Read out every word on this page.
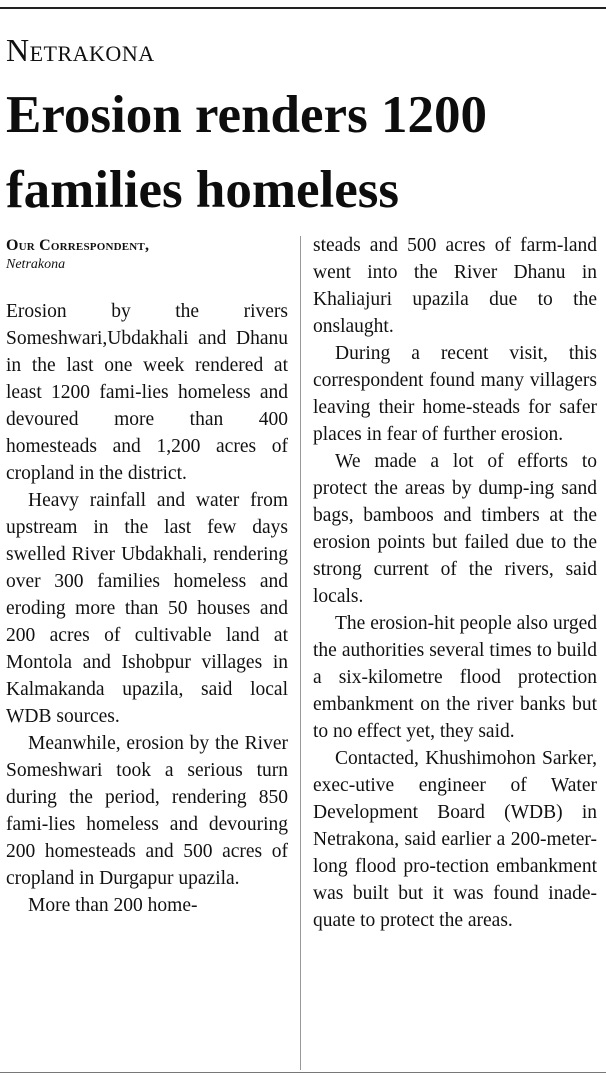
Netrakona
Erosion renders 1200 families homeless
Our Correspondent,
Netrakona

Erosion by the rivers Someshwari,Ubdakhali and Dhanu in the last one week rendered at least 1200 fami-lies homeless and devoured more than 400 homesteads and 1,200 acres of cropland in the district.

Heavy rainfall and water from upstream in the last few days swelled River Ubdakhali, rendering over 300 families homeless and eroding more than 50 houses and 200 acres of cultivable land at Montola and Ishobpur villages in Kalmakanda upazila, said local WDB sources.

Meanwhile, erosion by the River Someshwari took a serious turn during the period, rendering 850 fami-lies homeless and devouring 200 homesteads and 500 acres of cropland in Durgapur upazila.

More than 200 home-

steads and 500 acres of farm-land went into the River Dhanu in Khaliajuri upazila due to the onslaught.

During a recent visit, this correspondent found many villagers leaving their home-steads for safer places in fear of further erosion.

We made a lot of efforts to protect the areas by dump-ing sand bags, bamboos and timbers at the erosion points but failed due to the strong current of the rivers, said locals.

The erosion-hit people also urged the authorities several times to build a six-kilometre flood protection embankment on the river banks but to no effect yet, they said.

Contacted, Khushimohon Sarker, exec-utive engineer of Water Development Board (WDB) in Netrakona, said earlier a 200-meter-long flood pro-tection embankment was built but it was found inade-quate to protect the areas.
